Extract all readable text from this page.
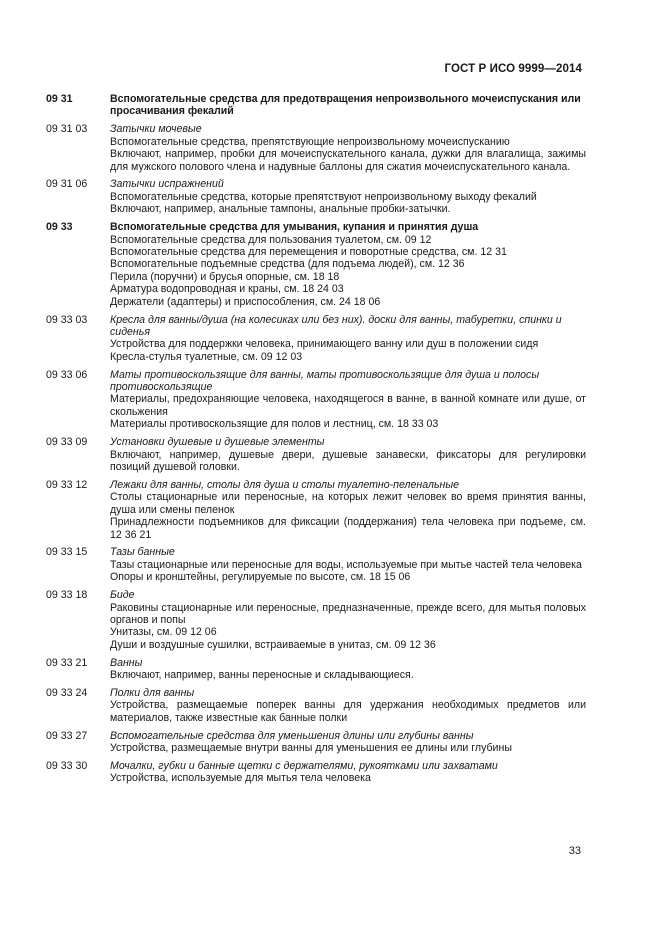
ГОСТ Р ИСО 9999—2014
09 31	Вспомогательные средства для предотвращения непроизвольного мочеиспускания или просачивания фекалий
09 31 03	Затычки мочевые
Вспомогательные средства, препятствующие непроизвольному мочеиспусканию
Включают, например, пробки для мочеиспускательного канала, дужки для влагалища, зажимы для мужского полового члена и надувные баллоны для сжатия мочеиспускательного канала.
09 31 06	Затычки испражнений
Вспомогательные средства, которые препятствуют непроизвольному выходу фекалий
Включают, например, анальные тампоны, анальные пробки-затычки.
09 33	Вспомогательные средства для умывания, купания и принятия душа
Вспомогательные средства для пользования туалетом, см. 09 12
Вспомогательные средства для перемещения и поворотные средства, см. 12 31
Вспомогательные подъемные средства (для подъема людей), см. 12 36
Перила (поручни) и брусья опорные, см. 18 18
Арматура водопроводная и краны, см. 18 24 03
Держатели (адаптеры) и приспособления, см. 24 18 06
09 33 03	Кресла для ванны/душа (на колесиках или без них). доски для ванны, табуретки, спинки и сиденья
Устройства для поддержки человека, принимающего ванну или душ в положении сидя
Кресла-стулья туалетные, см. 09 12 03
09 33 06	Маты противоскользящие для ванны, маты противоскользящие для душа и полосы противоскользящие
Материалы, предохраняющие человека, находящегося в ванне, в ванной комнате или душе, от скольжения
Материалы противоскользящие для полов и лестниц, см. 18 33 03
09 33 09	Установки душевые и душевые элементы
Включают, например, душевые двери, душевые занавески, фиксаторы для регулировки позиций душевой головки.
09 33 12	Лежаки для ванны, столы для душа и столы туалетно-пеленальные
Столы стационарные или переносные, на которых лежит человек во время принятия ванны, душа или смены пеленок
Принадлежности подъемников для фиксации (поддержания) тела человека при подъеме, см. 12 36 21
09 33 15	Тазы банные
Тазы стационарные или переносные для воды, используемые при мытье частей тела человека
Опоры и кронштейны, регулируемые по высоте, см. 18 15 06
09 33 18	Биде
Раковины стационарные или переносные, предназначенные, прежде всего, для мытья половых органов и попы
Унитазы, см. 09 12 06
Души и воздушные сушилки, встраиваемые в унитаз, см. 09 12 36
09 33 21	Ванны
Включают, например, ванны переносные и складывающиеся.
09 33 24	Полки для ванны
Устройства, размещаемые поперек ванны для удержания необходимых предметов или материалов, также известные как банные полки
09 33 27	Вспомогательные средства для уменьшения длины или глубины ванны
Устройства, размещаемые внутри ванны для уменьшения ее длины или глубины
09 33 30	Мочалки, губки и банные щетки с держателями, рукоятками или захватами
Устройства, используемые для мытья тела человека
33
